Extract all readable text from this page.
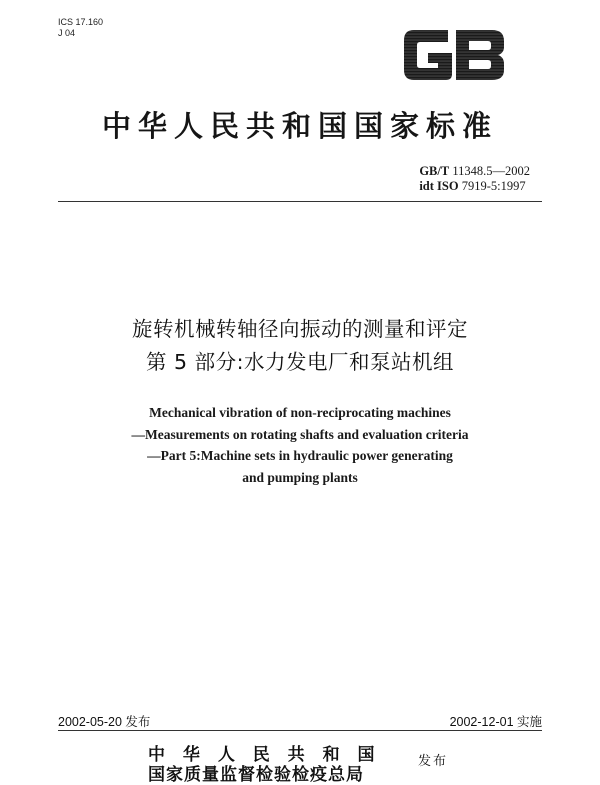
ICS 17.160
J 04
GB
中华人民共和国国家标准
GB/T 11348.5—2002
idt ISO 7919-5:1997
旋转机械转轴径向振动的测量和评定
第 5 部分:水力发电厂和泵站机组
Mechanical vibration of non-reciprocating machines
—Measurements on rotating shafts and evaluation criteria
—Part 5:Machine sets in hydraulic power generating
and pumping plants
2002-05-20 发布	2002-12-01 实施
中 华 人 民 共 和 国
国家质量监督检验检疫总局
发布
